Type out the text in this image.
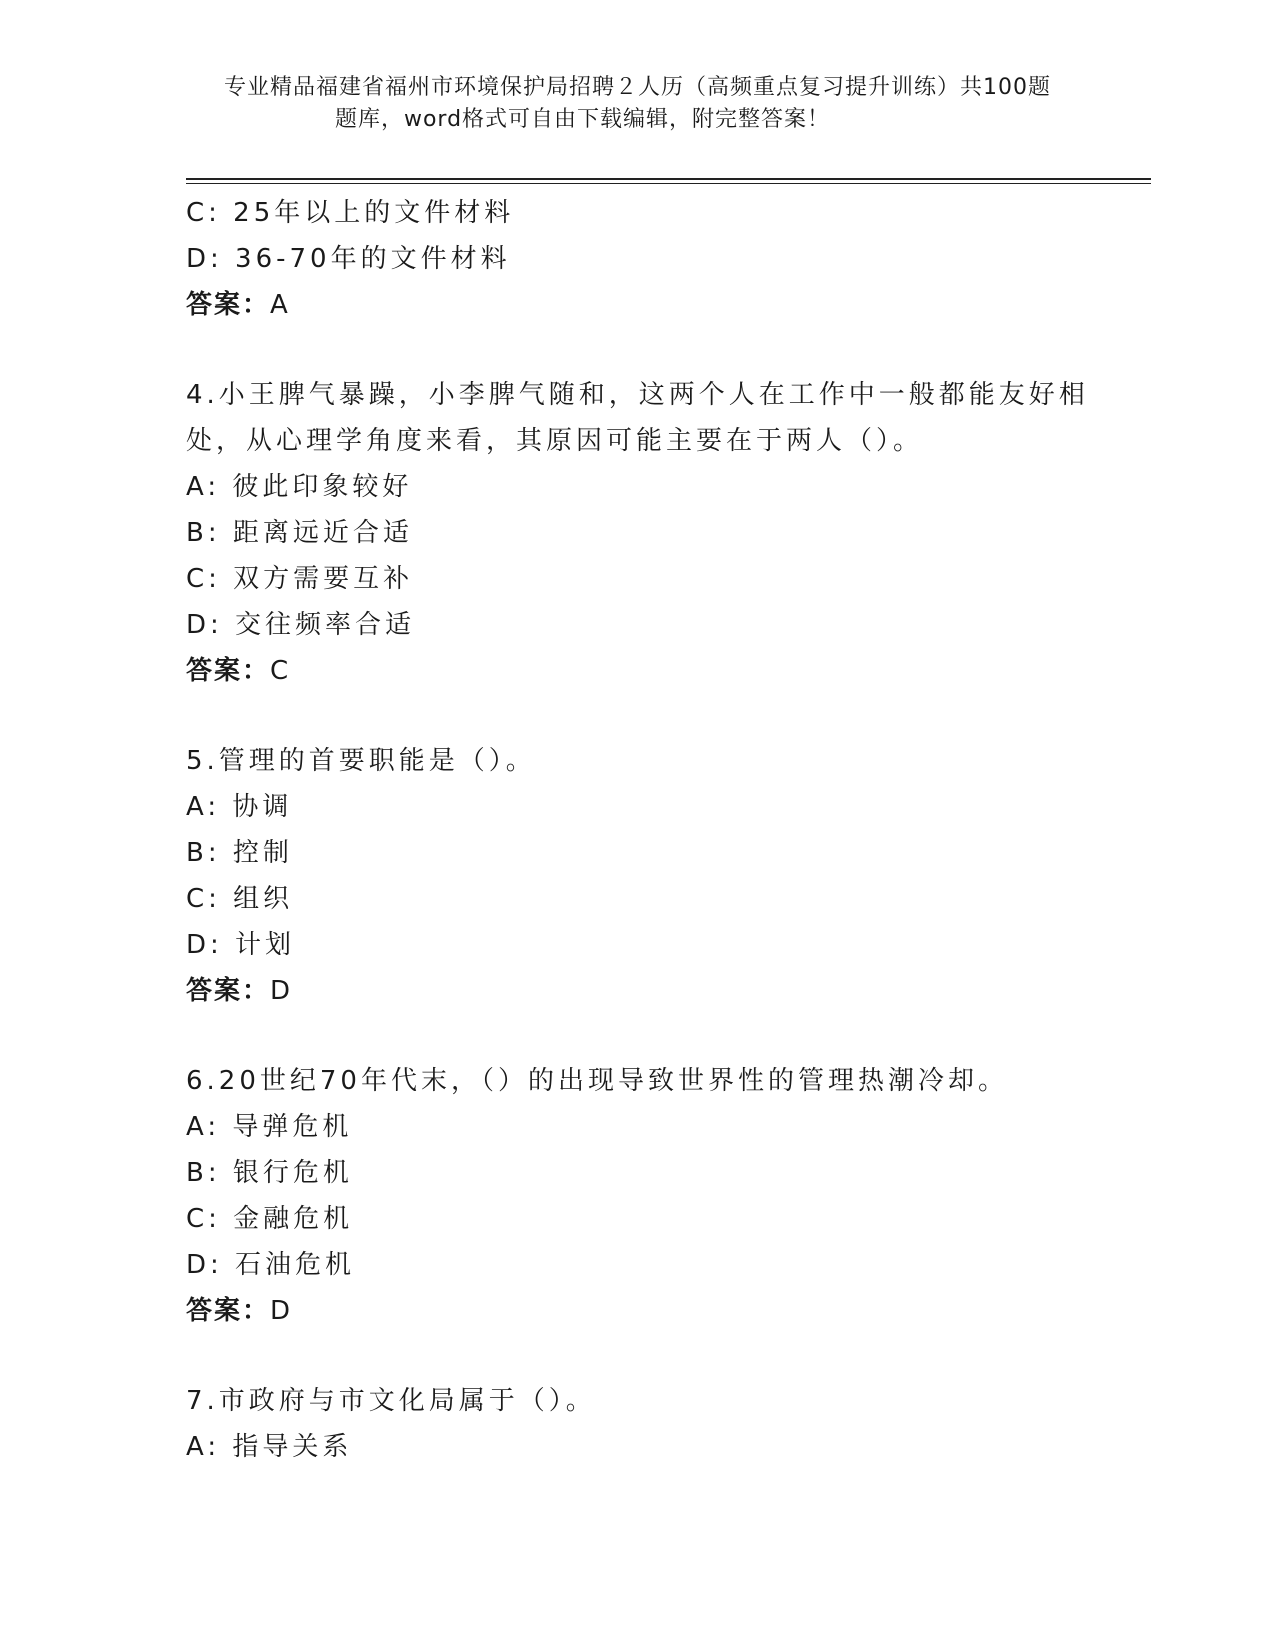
专业精品福建省福州市环境保护局招聘２人历（高频重点复习提升训练）共100题

题库，word格式可自由下载编辑，附完整答案！
C: 25年以上的文件材料
D: 36-70年的文件材料
答案：A
4.小王脾气暴躁，小李脾气随和，这两个人在工作中一般都能友好相
处，从心理学角度来看，其原因可能主要在于两人（）。
A: 彼此印象较好
B: 距离远近合适
C: 双方需要互补
D: 交往频率合适
答案：C
5.管理的首要职能是（）。
A: 协调
B: 控制
C: 组织
D: 计划
答案：D
6.20世纪70年代末，（）的出现导致世界性的管理热潮冷却。
A: 导弹危机
B: 银行危机
C: 金融危机
D: 石油危机
答案：D
7.市政府与市文化局属于（）。
A: 指导关系
